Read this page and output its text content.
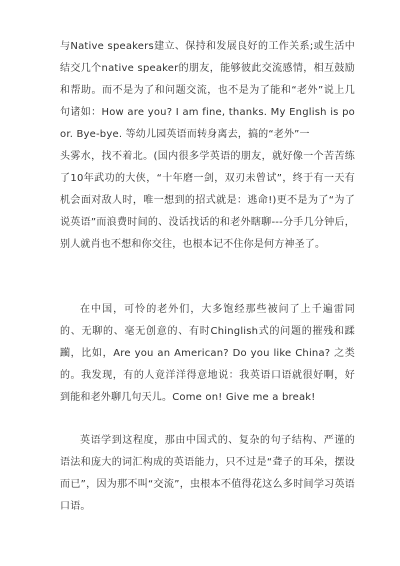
与Native speakers建立、保持和发展良好的工作关系;或生活中结交几个native speaker的朋友，能够彼此交流感情，相互鼓励和帮助。而不是为了和问题交流，也不是为了能和“老外”说上几句诸如：How are you? I am fine, thanks. My English is poor. Bye-bye. 等幼儿园英语而转身离去，搞的“老外”一

头雾水，找不着北。(国内很多学英语的朋友，就好像一个苦苦练了10年武功的大侠，“十年磨一剑，双刃未曾试”，终于有一天有机会面对敌人时，唯一想到的招式就是：逃命!)更不是为了“为了说英语”而浪费时间的、没话找话的和老外瞎聊---分手几分钟后，别人就肖也不想和你交往，也根本记不住你是何方神圣了。

在中国，可怜的老外们，大多饱经那些被问了上千遍雷同的、无聊的、毫无创意的、有时Chinglish式的问题的摧残和蹂躏，比如，Are you an American? Do you like China? 之类的。我发现，有的人竟洋洋得意地说：我英语口语就很好啊，好到能和老外聊几句天儿。Come on! Give me a break!

英语学到这程度，那由中国式的、复杂的句子结构、严谨的语法和庞大的词汇构成的英语能力，只不过是“聋子的耳朵，摆设而已”，因为那不叫“交流”，虫根本不值得花这么多时间学习英语口语。
